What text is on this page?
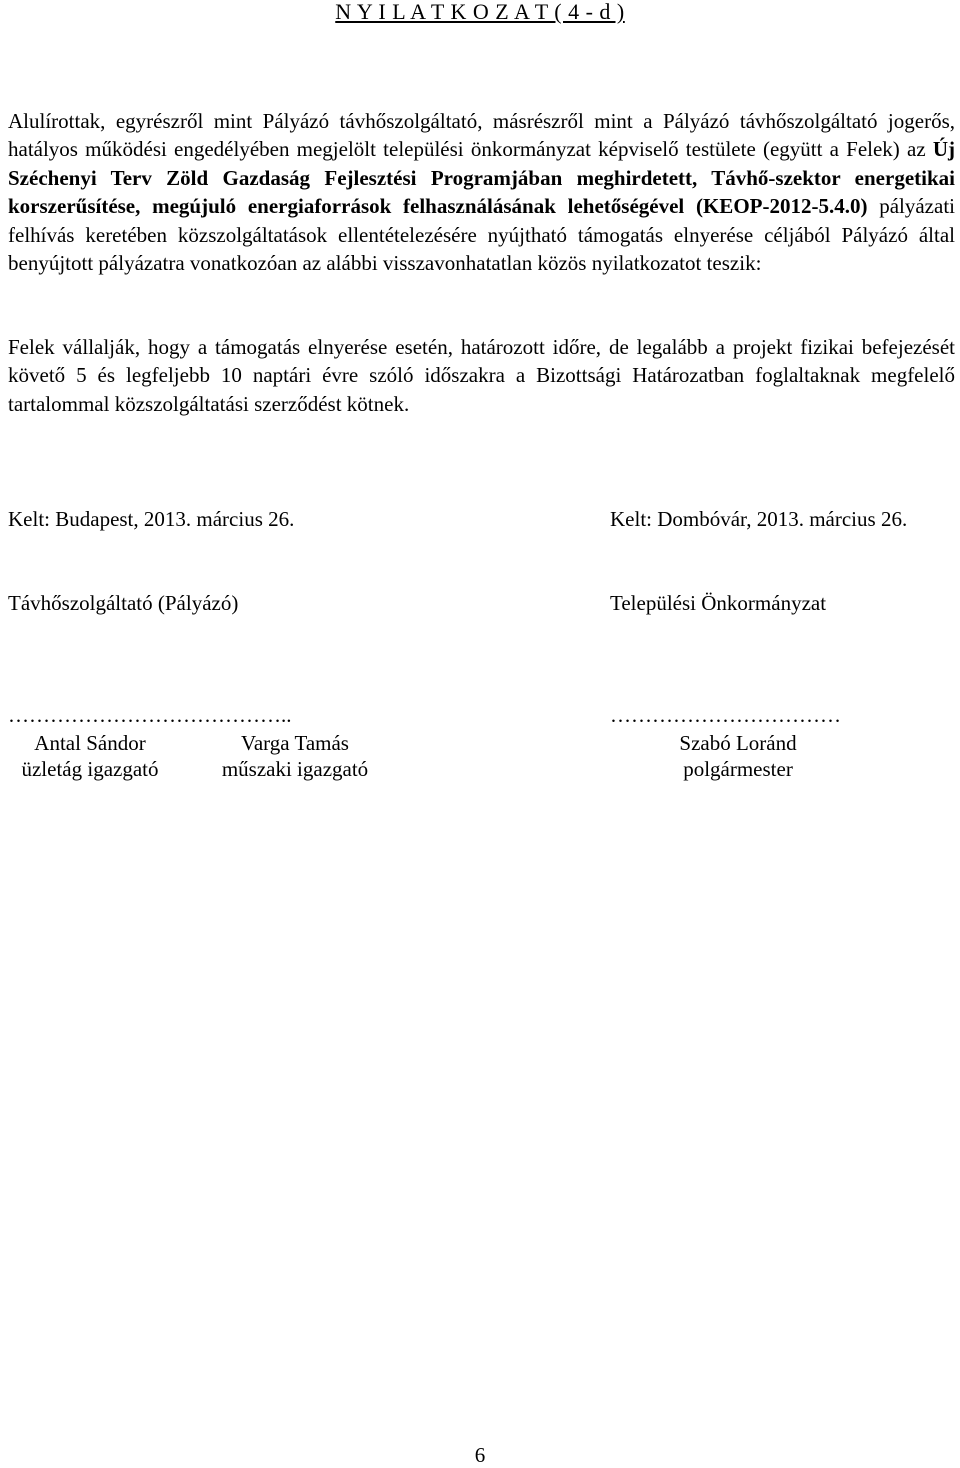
N Y I L A T K O Z A T ( 4 - d )

Alulírottak, egyrészről mint Pályázó távhőszolgáltató, másrészről mint a Pályázó távhőszolgáltató jogerős, hatályos működési engedélyében megjelölt települési önkormányzat képviselő testülete (együtt a Felek) az Új Széchenyi Terv Zöld Gazdaság Fejlesztési Programjában meghirdetett, Távhő-szektor energetikai korszerűsítése, megújuló energiaforrások felhasználásának lehetőségével (KEOP-2012-5.4.0) pályázati felhívás keretében közszolgáltatások ellentételezésére nyújtható támogatás elnyerése céljából Pályázó által benyújtott pályázatra vonatkozóan az alábbi visszavonhatatlan közös nyilatkozatot teszik:

Felek vállalják, hogy a támogatás elnyerése esetén, határozott időre, de legalább a projekt fizikai befejezését követő 5 és legfeljebb 10 naptári évre szóló időszakra a Bizottsági Határozatban foglaltaknak megfelelő tartalommal közszolgáltatási szerződést kötnek.

Kelt: Budapest, 2013. március 26.	Kelt: Dombóvár, 2013. március 26.
Távhőszolgáltató (Pályázó)	Települési Önkormányzat
…………………………………..	……………………………
Antal Sándor
üzletág igazgató
Varga Tamás
műszaki igazgató
Szabó Loránd
polgármester
6
